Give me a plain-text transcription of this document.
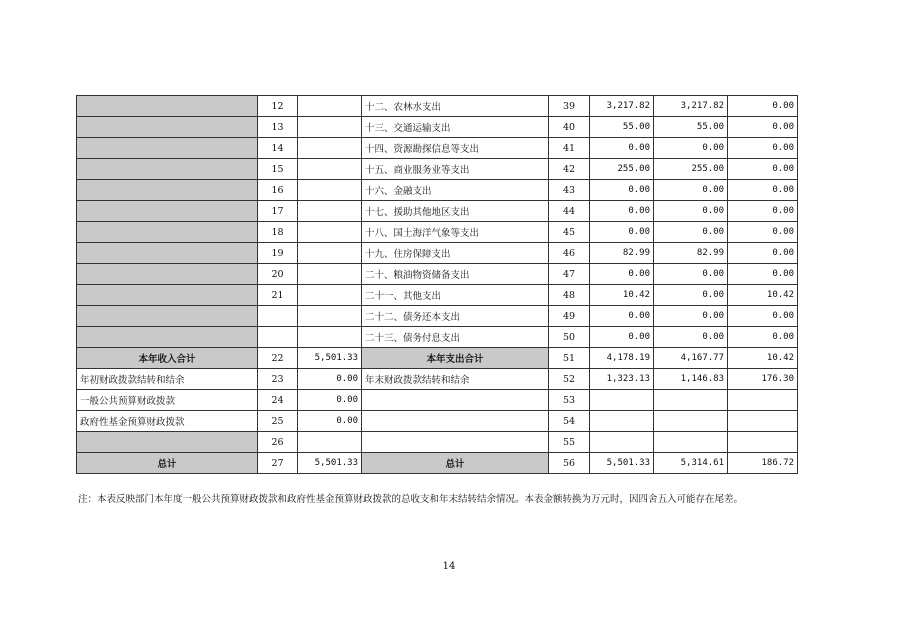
	12		十二、农林水支出	39	3,217.82	3,217.82	0.00
	13		十三、交通运输支出	40	55.00	55.00	0.00
	14		十四、资源勘探信息等支出	41	0.00	0.00	0.00
	15		十五、商业服务业等支出	42	255.00	255.00	0.00
	16		十六、金融支出	43	0.00	0.00	0.00
	17		十七、援助其他地区支出	44	0.00	0.00	0.00
	18		十八、国土海洋气象等支出	45	0.00	0.00	0.00
	19		十九、住房保障支出	46	82.99	82.99	0.00
	20		二十、粮油物资储备支出	47	0.00	0.00	0.00
	21		二十一、其他支出	48	10.42	0.00	10.42
			二十二、债务还本支出	49	0.00	0.00	0.00
			二十三、债务付息支出	50	0.00	0.00	0.00
本年收入合计	22	5,501.33	本年支出合计	51	4,178.19	4,167.77	10.42
年初财政拨款结转和结余	23	0.00	年末财政拨款结转和结余	52	1,323.13	1,146.83	176.30
一般公共预算财政拨款	24	0.00		53			
政府性基金预算财政拨款	25	0.00		54			
	26			55			
总计	27	5,501.33	总计	56	5,501.33	5,314.61	186.72
注：本表反映部门本年度一般公共预算财政拨款和政府性基金预算财政拨款的总收支和年末结转结余情况。本表金额转换为万元时，因四舍五入可能存在尾差。
14
